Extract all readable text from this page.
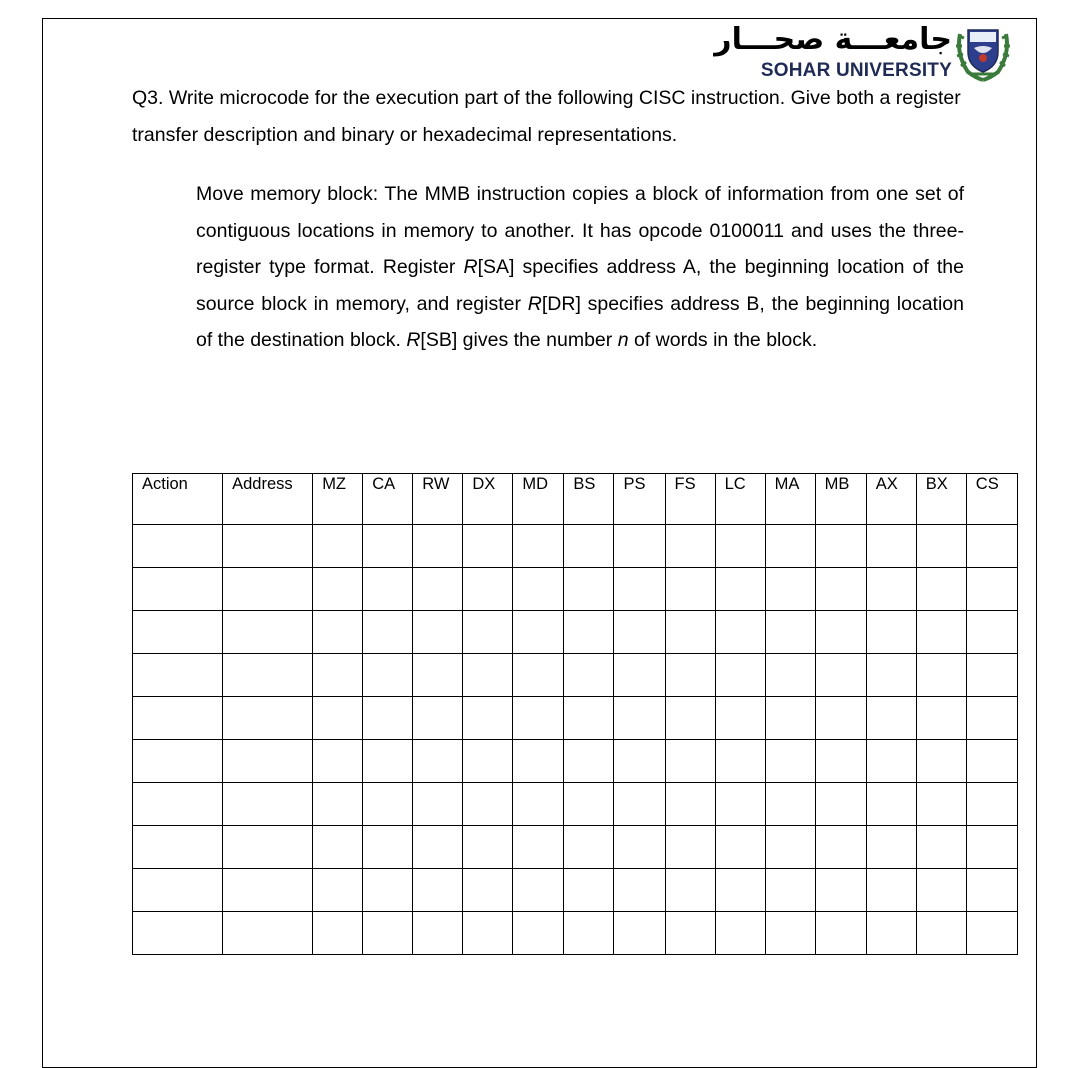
جامعـــة صحـــار
SOHAR UNIVERSITY

Q3. Write microcode for the execution part of the following CISC instruction. Give both a register transfer description and binary or hexadecimal representations.

Move memory block: The MMB instruction copies a block of information from one set of contiguous locations in memory to another. It has opcode 0100011 and uses the three-register type format. Register R[SA] specifies address A, the beginning location of the source block in memory, and register R[DR] specifies address B, the beginning location of the destination block. R[SB] gives the number n of words in the block.

Action	Address	MZ	CA	RW	DX	MD	BS	PS	FS	LC	MA	MB	AX	BX	CS
